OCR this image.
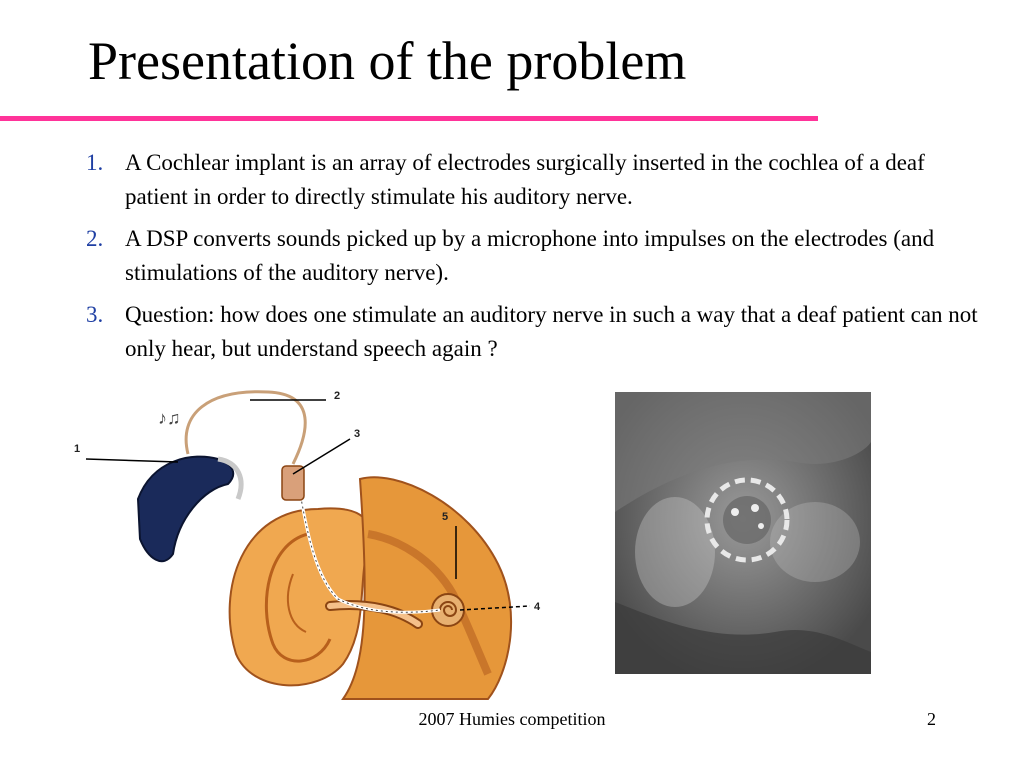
Presentation of the problem
1. A Cochlear implant is an array of electrodes surgically inserted in the cochlea of a deaf patient in order to directly stimulate his auditory nerve.
2. A DSP converts sounds picked up by a microphone into impulses on the electrodes (and stimulations of the auditory nerve).
3. Question: how does one stimulate an auditory nerve in such a way that a deaf patient can not only hear, but understand speech again ?
♪♫
1
2
3
4
5
2007 Humies competition	2
